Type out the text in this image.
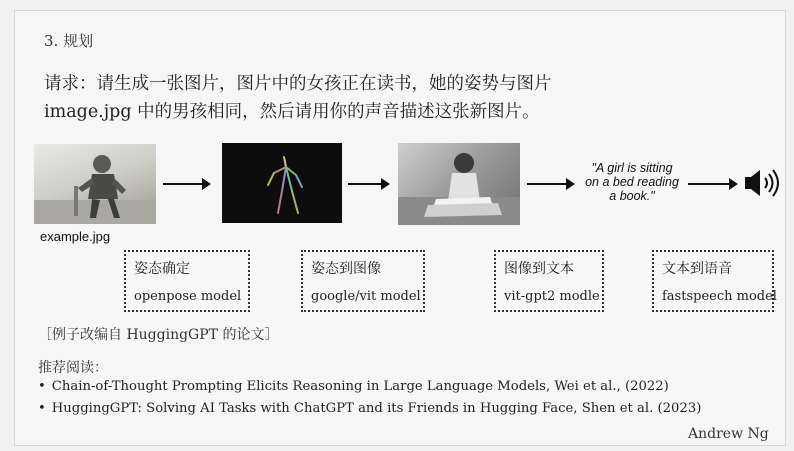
3. 规划
请求：请生成一张图片，图片中的女孩正在读书，她的姿势与图片
image.jpg 中的男孩相同，然后请用你的声音描述这张新图片。
example.jpg
"A girl is sitting
on a bed reading
a book."
姿态确定
openpose model
姿态到图像
google/vit model
图像到文本
vit-gpt2 modle
文本到语音
fastspeech model
［例子改编自 HuggingGPT 的论文］
推荐阅读：
• Chain-of-Thought Prompting Elicits Reasoning in Large Language Models, Wei et al., (2022)
• HuggingGPT: Solving AI Tasks with ChatGPT and its Friends in Hugging Face, Shen et al. (2023)
Andrew Ng
